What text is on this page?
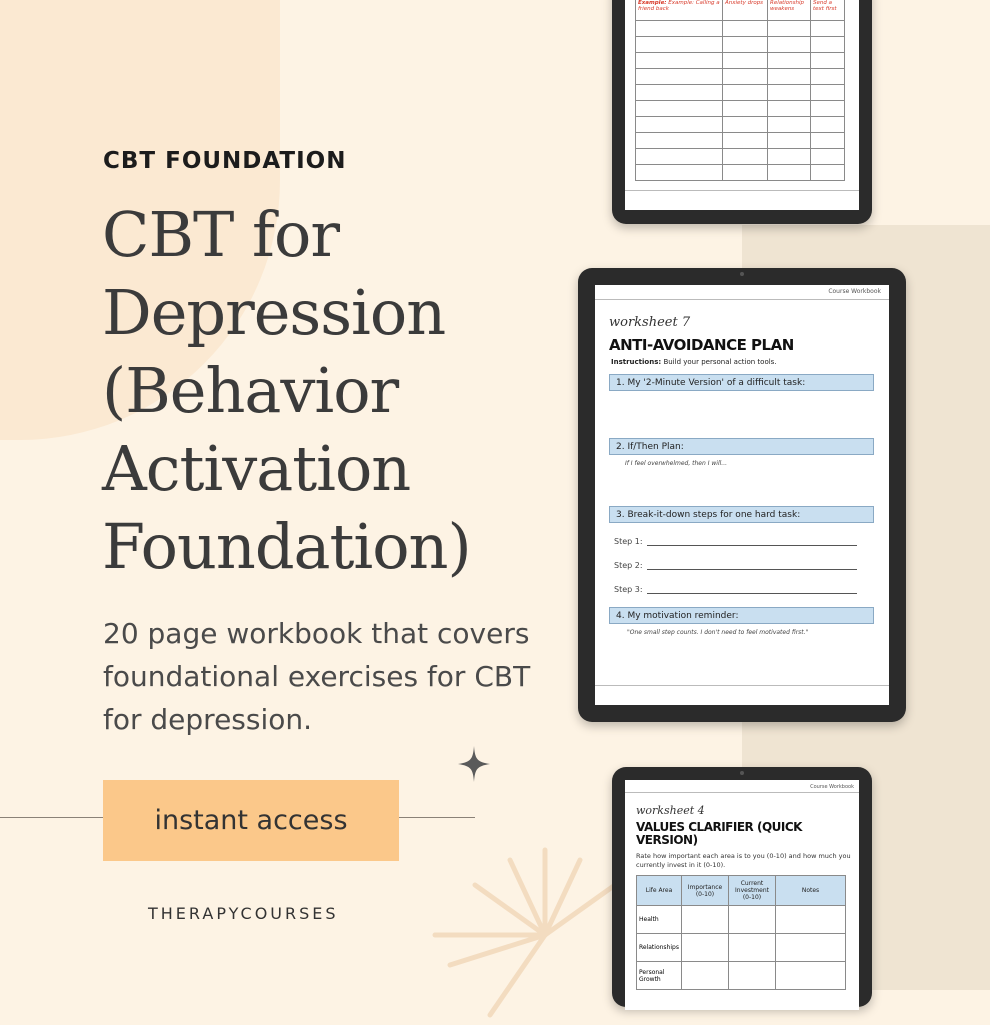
CBT FOUNDATION
CBT for
Depression
(Behavior
Activation
Foundation)
20 page workbook that covers foundational exercises for CBT for depression.
instant access
THERAPYCOURSES
Example: Example: Calling a friend back	Anxiety drops	Relationship weakens	Send a text first

Course Workbook
worksheet 7
ANTI-AVOIDANCE PLAN
Instructions: Build your personal action tools.
1. My '2-Minute Version' of a difficult task:
2. If/Then Plan:
If I feel overwhelmed, then I will...
3. Break-it-down steps for one hard task:
Step 1:
Step 2:
Step 3:
4. My motivation reminder:
"One small step counts. I don't need to feel motivated first."
Course Workbook
worksheet 4
VALUES CLARIFIER (QUICK VERSION)
Rate how important each area is to you (0-10) and how much you currently invest in it (0-10).
Life Area	Importance (0-10)	Current Investment (0-10)	Notes
Health			
Relationships			
Personal Growth			
